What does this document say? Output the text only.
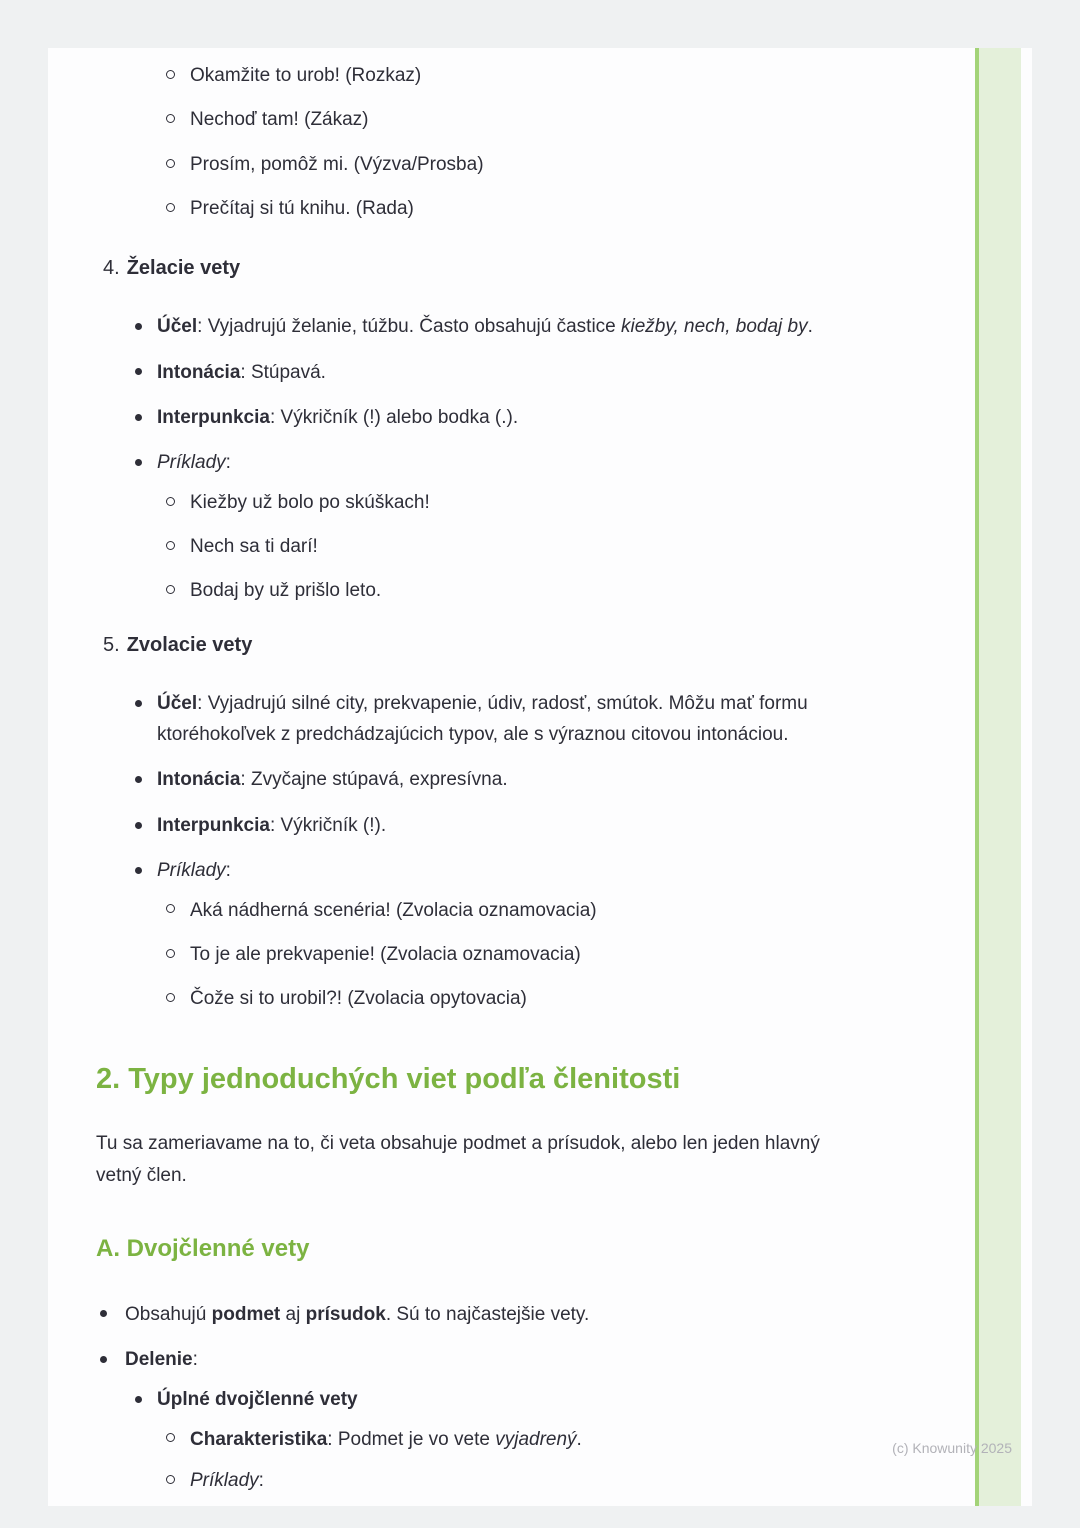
Okamžite to urob! (Rozkaz)
Nechoď tam! (Zákaz)
Prosím, pomôž mi. (Výzva/Prosba)
Prečítaj si tú knihu. (Rada)
4. Želacie vety
Účel: Vyjadrujú želanie, túžbu. Často obsahujú častice kiežby, nech, bodaj by.
Intonácia: Stúpavá.
Interpunkcia: Výkričník (!) alebo bodka (.).
Príklady:
Kiežby už bolo po skúškach!
Nech sa ti darí!
Bodaj by už prišlo leto.
5. Zvolacie vety
Účel: Vyjadrujú silné city, prekvapenie, údiv, radosť, smútok. Môžu mať formu ktoréhokoľvek z predchádzajúcich typov, ale s výraznou citovou intonáciou.
Intonácia: Zvyčajne stúpavá, expresívna.
Interpunkcia: Výkričník (!).
Príklady:
Aká nádherná scenéria! (Zvolacia oznamovacia)
To je ale prekvapenie! (Zvolacia oznamovacia)
Čože si to urobil?! (Zvolacia opytovacia)
2. Typy jednoduchých viet podľa členitosti

Tu sa zameriavame na to, či veta obsahuje podmet a prísudok, alebo len jeden hlavný vetný člen.

A. Dvojčlenné vety
Obsahujú podmet aj prísudok. Sú to najčastejšie vety.
Delenie:
Úplné dvojčlenné vety
Charakteristika: Podmet je vo vete vyjadrený.
Príklady:
(c) Knowunity 2025
